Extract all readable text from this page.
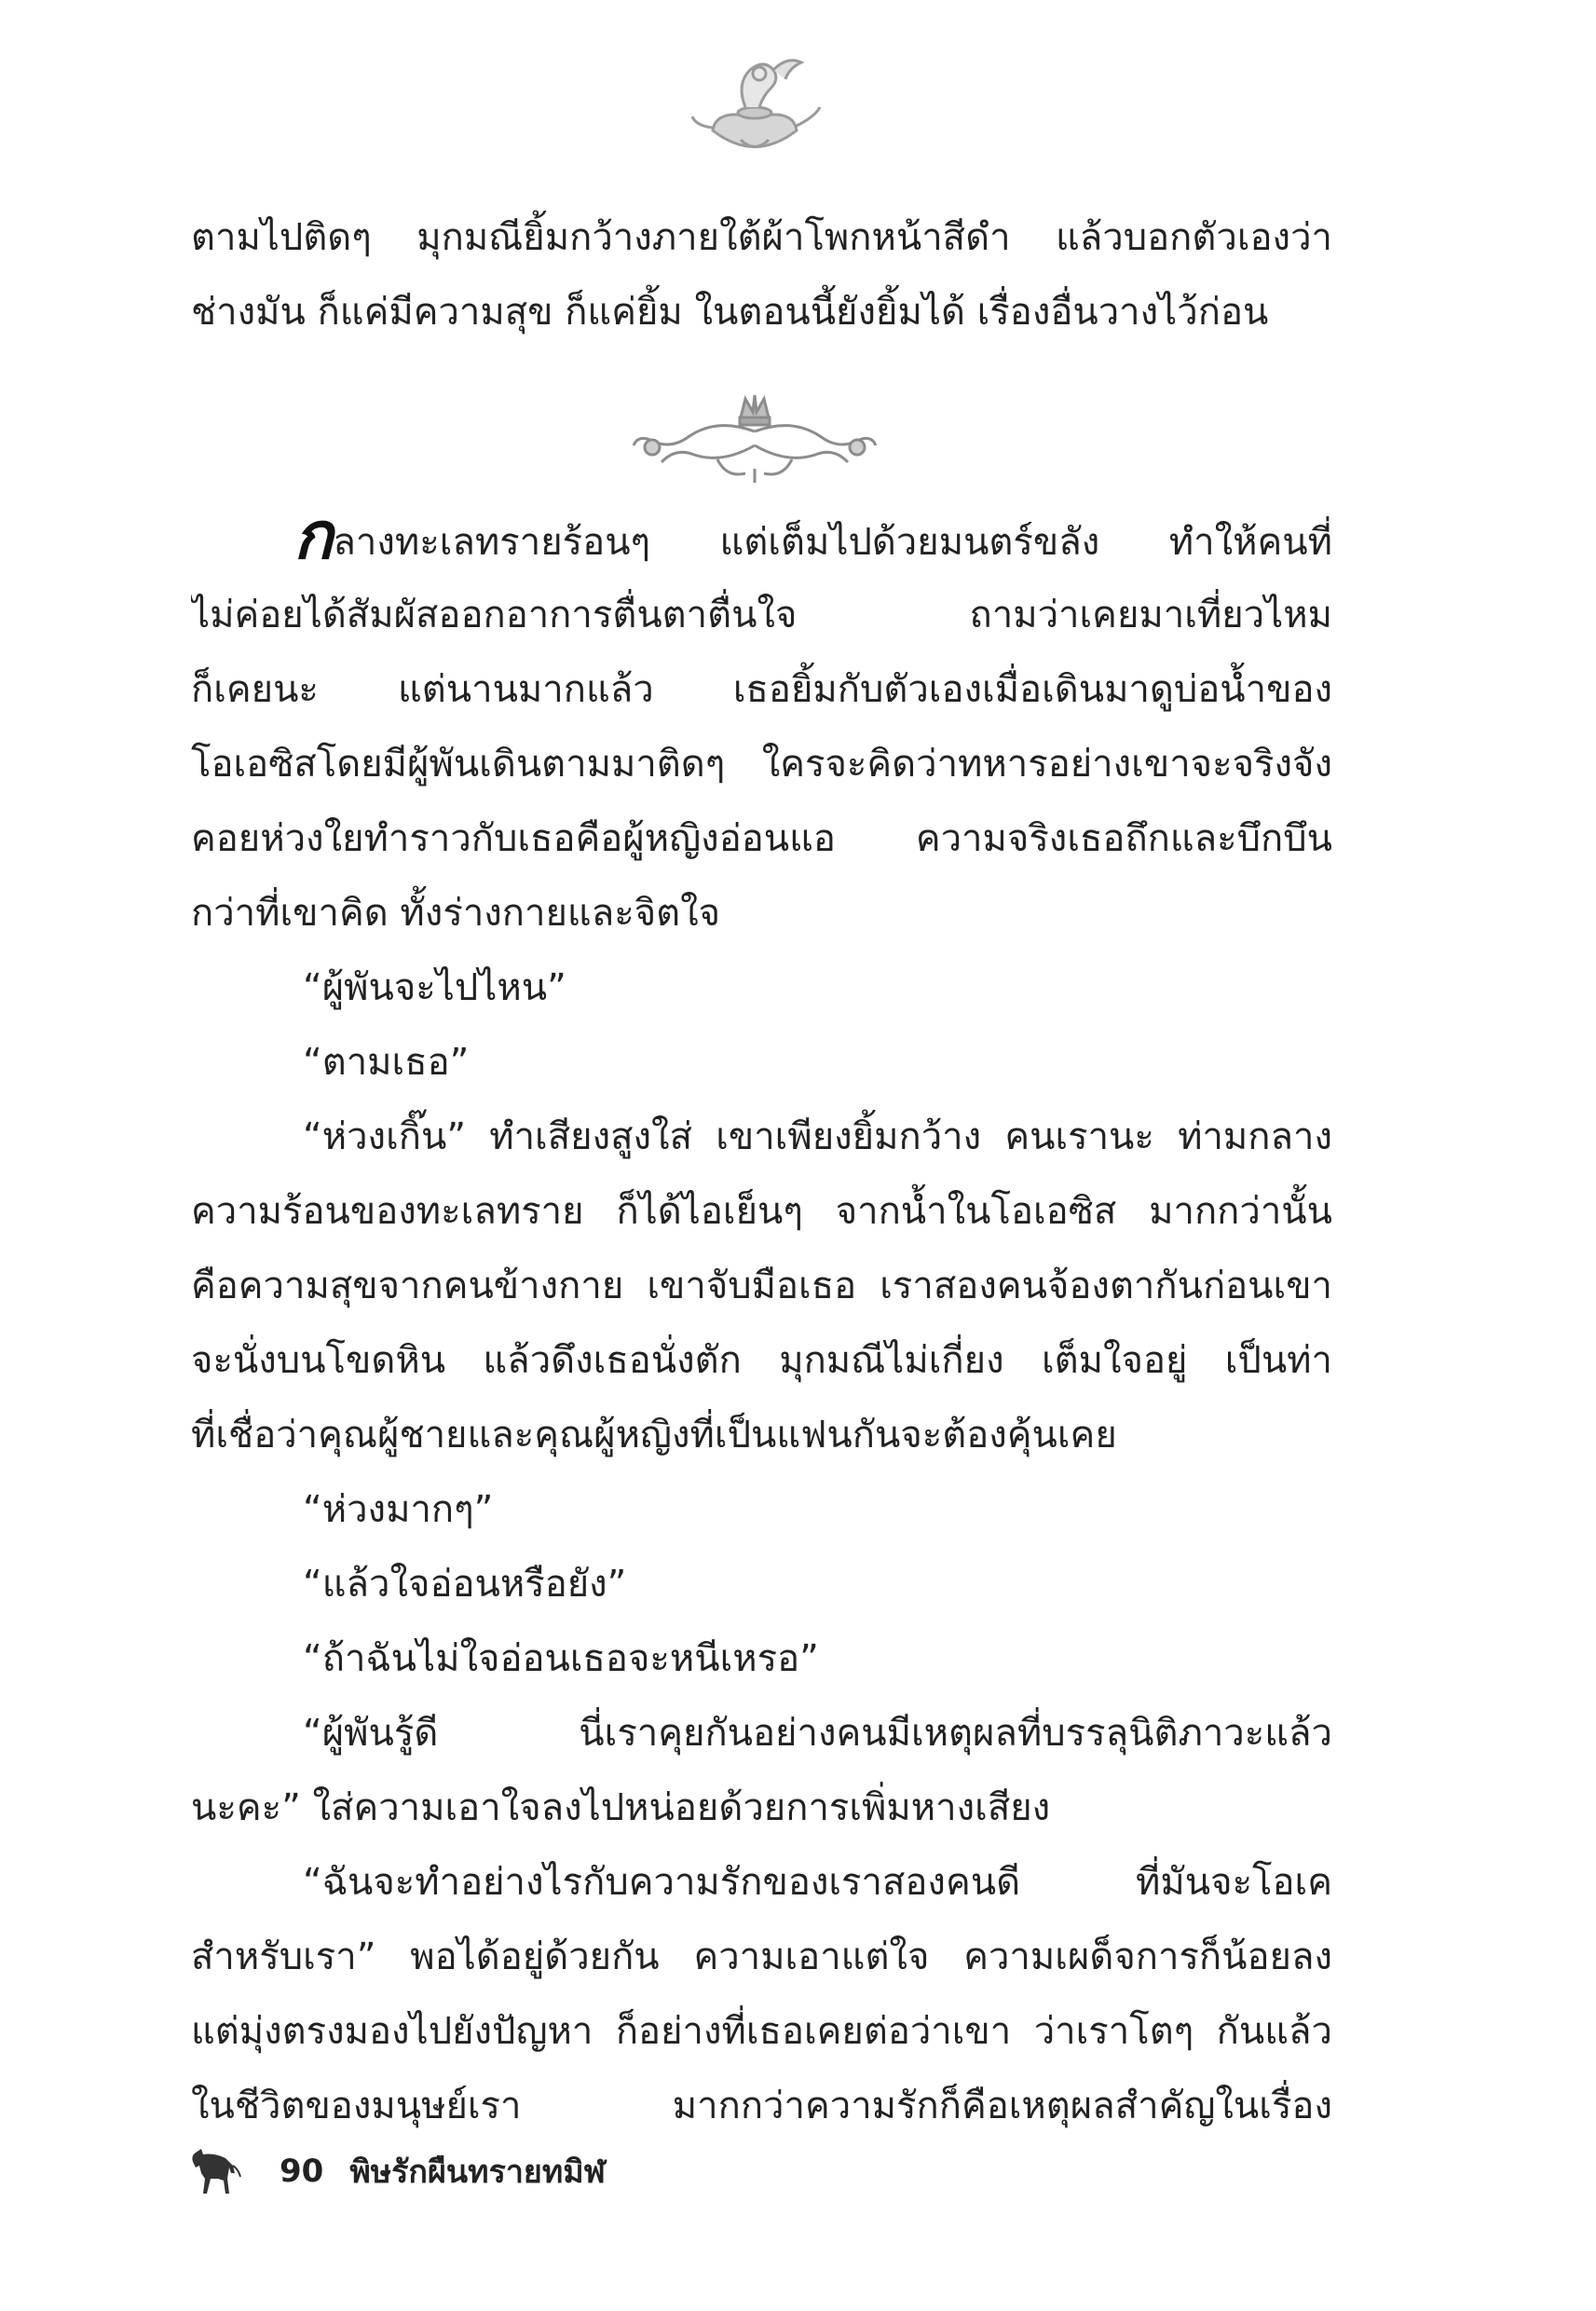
ตามไปติดๆ มุกมณียิ้มกว้างภายใต้ผ้าโพกหน้าสีดำ แล้วบอกตัวเองว่า
ช่างมัน ก็แค่มีความสุข ก็แค่ยิ้ม ในตอนนี้ยังยิ้มได้ เรื่องอื่นวางไว้ก่อน
กลางทะเลทรายร้อนๆ แต่เต็มไปด้วยมนตร์ขลัง ทำให้คนที่
ไม่ค่อยได้สัมผัสออกอาการตื่นตาตื่นใจ ถามว่าเคยมาเที่ยวไหม
ก็เคยนะ แต่นานมากแล้ว เธอยิ้มกับตัวเองเมื่อเดินมาดูบ่อน้ำของ
โอเอซิสโดยมีผู้พันเดินตามมาติดๆ ใครจะคิดว่าทหารอย่างเขาจะจริงจัง
คอยห่วงใยทำราวกับเธอคือผู้หญิงอ่อนแอ ความจริงเธอถึกและบึกบึน
กว่าที่เขาคิด ทั้งร่างกายและจิตใจ
“ผู้พันจะไปไหน”
“ตามเธอ”
“ห่วงเกิ๊น” ทำเสียงสูงใส่ เขาเพียงยิ้มกว้าง คนเรานะ ท่ามกลาง
ความร้อนของทะเลทราย ก็ได้ไอเย็นๆ จากน้ำในโอเอซิส มากกว่านั้น
คือความสุขจากคนข้างกาย เขาจับมือเธอ เราสองคนจ้องตากันก่อนเขา
จะนั่งบนโขดหิน แล้วดึงเธอนั่งตัก มุกมณีไม่เกี่ยง เต็มใจอยู่ เป็นท่า
ที่เชื่อว่าคุณผู้ชายและคุณผู้หญิงที่เป็นแฟนกันจะต้องคุ้นเคย
“ห่วงมากๆ”
“แล้วใจอ่อนหรือยัง”
“ถ้าฉันไม่ใจอ่อนเธอจะหนีเหรอ”
“ผู้พันรู้ดี นี่เราคุยกันอย่างคนมีเหตุผลที่บรรลุนิติภาวะแล้ว
นะคะ” ใส่ความเอาใจลงไปหน่อยด้วยการเพิ่มหางเสียง
“ฉันจะทำอย่างไรกับความรักของเราสองคนดี ที่มันจะโอเค
สำหรับเรา” พอได้อยู่ด้วยกัน ความเอาแต่ใจ ความเผด็จการก็น้อยลง
แต่มุ่งตรงมองไปยังปัญหา ก็อย่างที่เธอเคยต่อว่าเขา ว่าเราโตๆ กันแล้ว
ในชีวิตของมนุษย์เรา มากกว่าความรักก็คือเหตุผลสำคัญในเรื่อง
90 พิษรักผืนทรายทมิฬ
